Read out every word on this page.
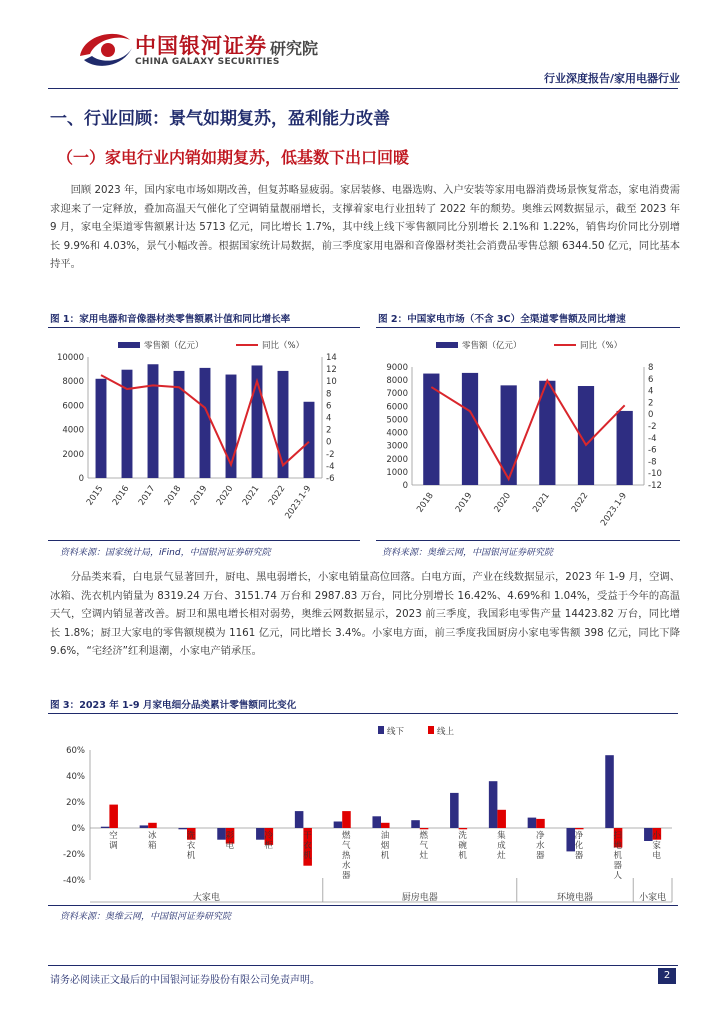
中国银河证券
CHINA GALAXY SECURITIES
研究院
行业深度报告/家用电器行业
一、行业回顾：景气如期复苏，盈利能力改善
（一）家电行业内销如期复苏，低基数下出口回暖
回顾 2023 年，国内家电市场如期改善，但复苏略显疲弱。家居装修、电器选购、入户安装等家用电器消费场景恢复常态，家电消费需求迎来了一定释放，叠加高温天气催化了空调销量靓丽增长，支撑着家电行业扭转了 2022 年的颓势。奥维云网数据显示，截至 2023 年 9 月，家电全渠道零售额累计达 5713 亿元，同比增长 1.7%，其中线上线下零售额同比分别增长 2.1%和 1.22%，销售均价同比分别增长 9.9%和 4.03%，景气小幅改善。根据国家统计局数据，前三季度家用电器和音像器材类社会消费品零售总额 6344.50 亿元，同比基本持平。
图 1：家用电器和音像器材类零售额累计值和同比增长率	图 2：中国家电市场（不含 3C）全渠道零售额及同比增速
0
2000
4000
6000
8000
10000
-6
-4
-2
0
2
4
6
8
10
12
14
2015 2016 2017 2018 2019 2020 2021 2022
2023.1-9
零售额（亿元）	同比（%）
0
1000
2000
3000
4000
5000
6000
7000
8000
9000
-12
-10
-8
-6
-4
-2
0
2
4
6
8
2018 2019 2020 2021 2022 2023.1-9
零售额（亿元）	同比（%）
资料来源：国家统计局，iFind，中国银河证券研究院	资料来源：奥维云网，中国银河证券研究院
分品类来看，白电景气显著回升，厨电、黑电弱增长，小家电销量高位回落。白电方面，产业在线数据显示，2023 年 1-9 月，空调、冰箱、洗衣机内销量为 8319.24 万台、3151.74 万台和 2987.83 万台，同比分别增长 16.42%、4.69%和 1.04%，受益于今年的高温天气，空调内销显著改善。厨卫和黑电增长相对弱势，奥维云网数据显示，2023 前三季度，我国彩电零售产量 14423.82 万台，同比增长 1.8%；厨卫大家电的零售额规模为 1161 亿元，同比增长 3.4%。小家电方面，前三季度我国厨房小家电零售额 398 亿元，同比下降 9.6%，“宅经济”红利退潮，小家电产销承压。
图 3：2023 年 1-9 月家电细分品类累计零售额同比变化
-40%
-20%
0%
20%
40%
60%
空调
冰箱
洗衣机
彩电
冷柜
干衣机
燃气热水器
油烟机
燃气灶
洗碗机
集成灶
净水器
净化器
扫地机器人
小家电
大家电	厨房电器	环境电器	小家电
线下	线上
资料来源：奥维云网，中国银河证券研究院
请务必阅读正文最后的中国银河证券股份有限公司免责声明。	2
